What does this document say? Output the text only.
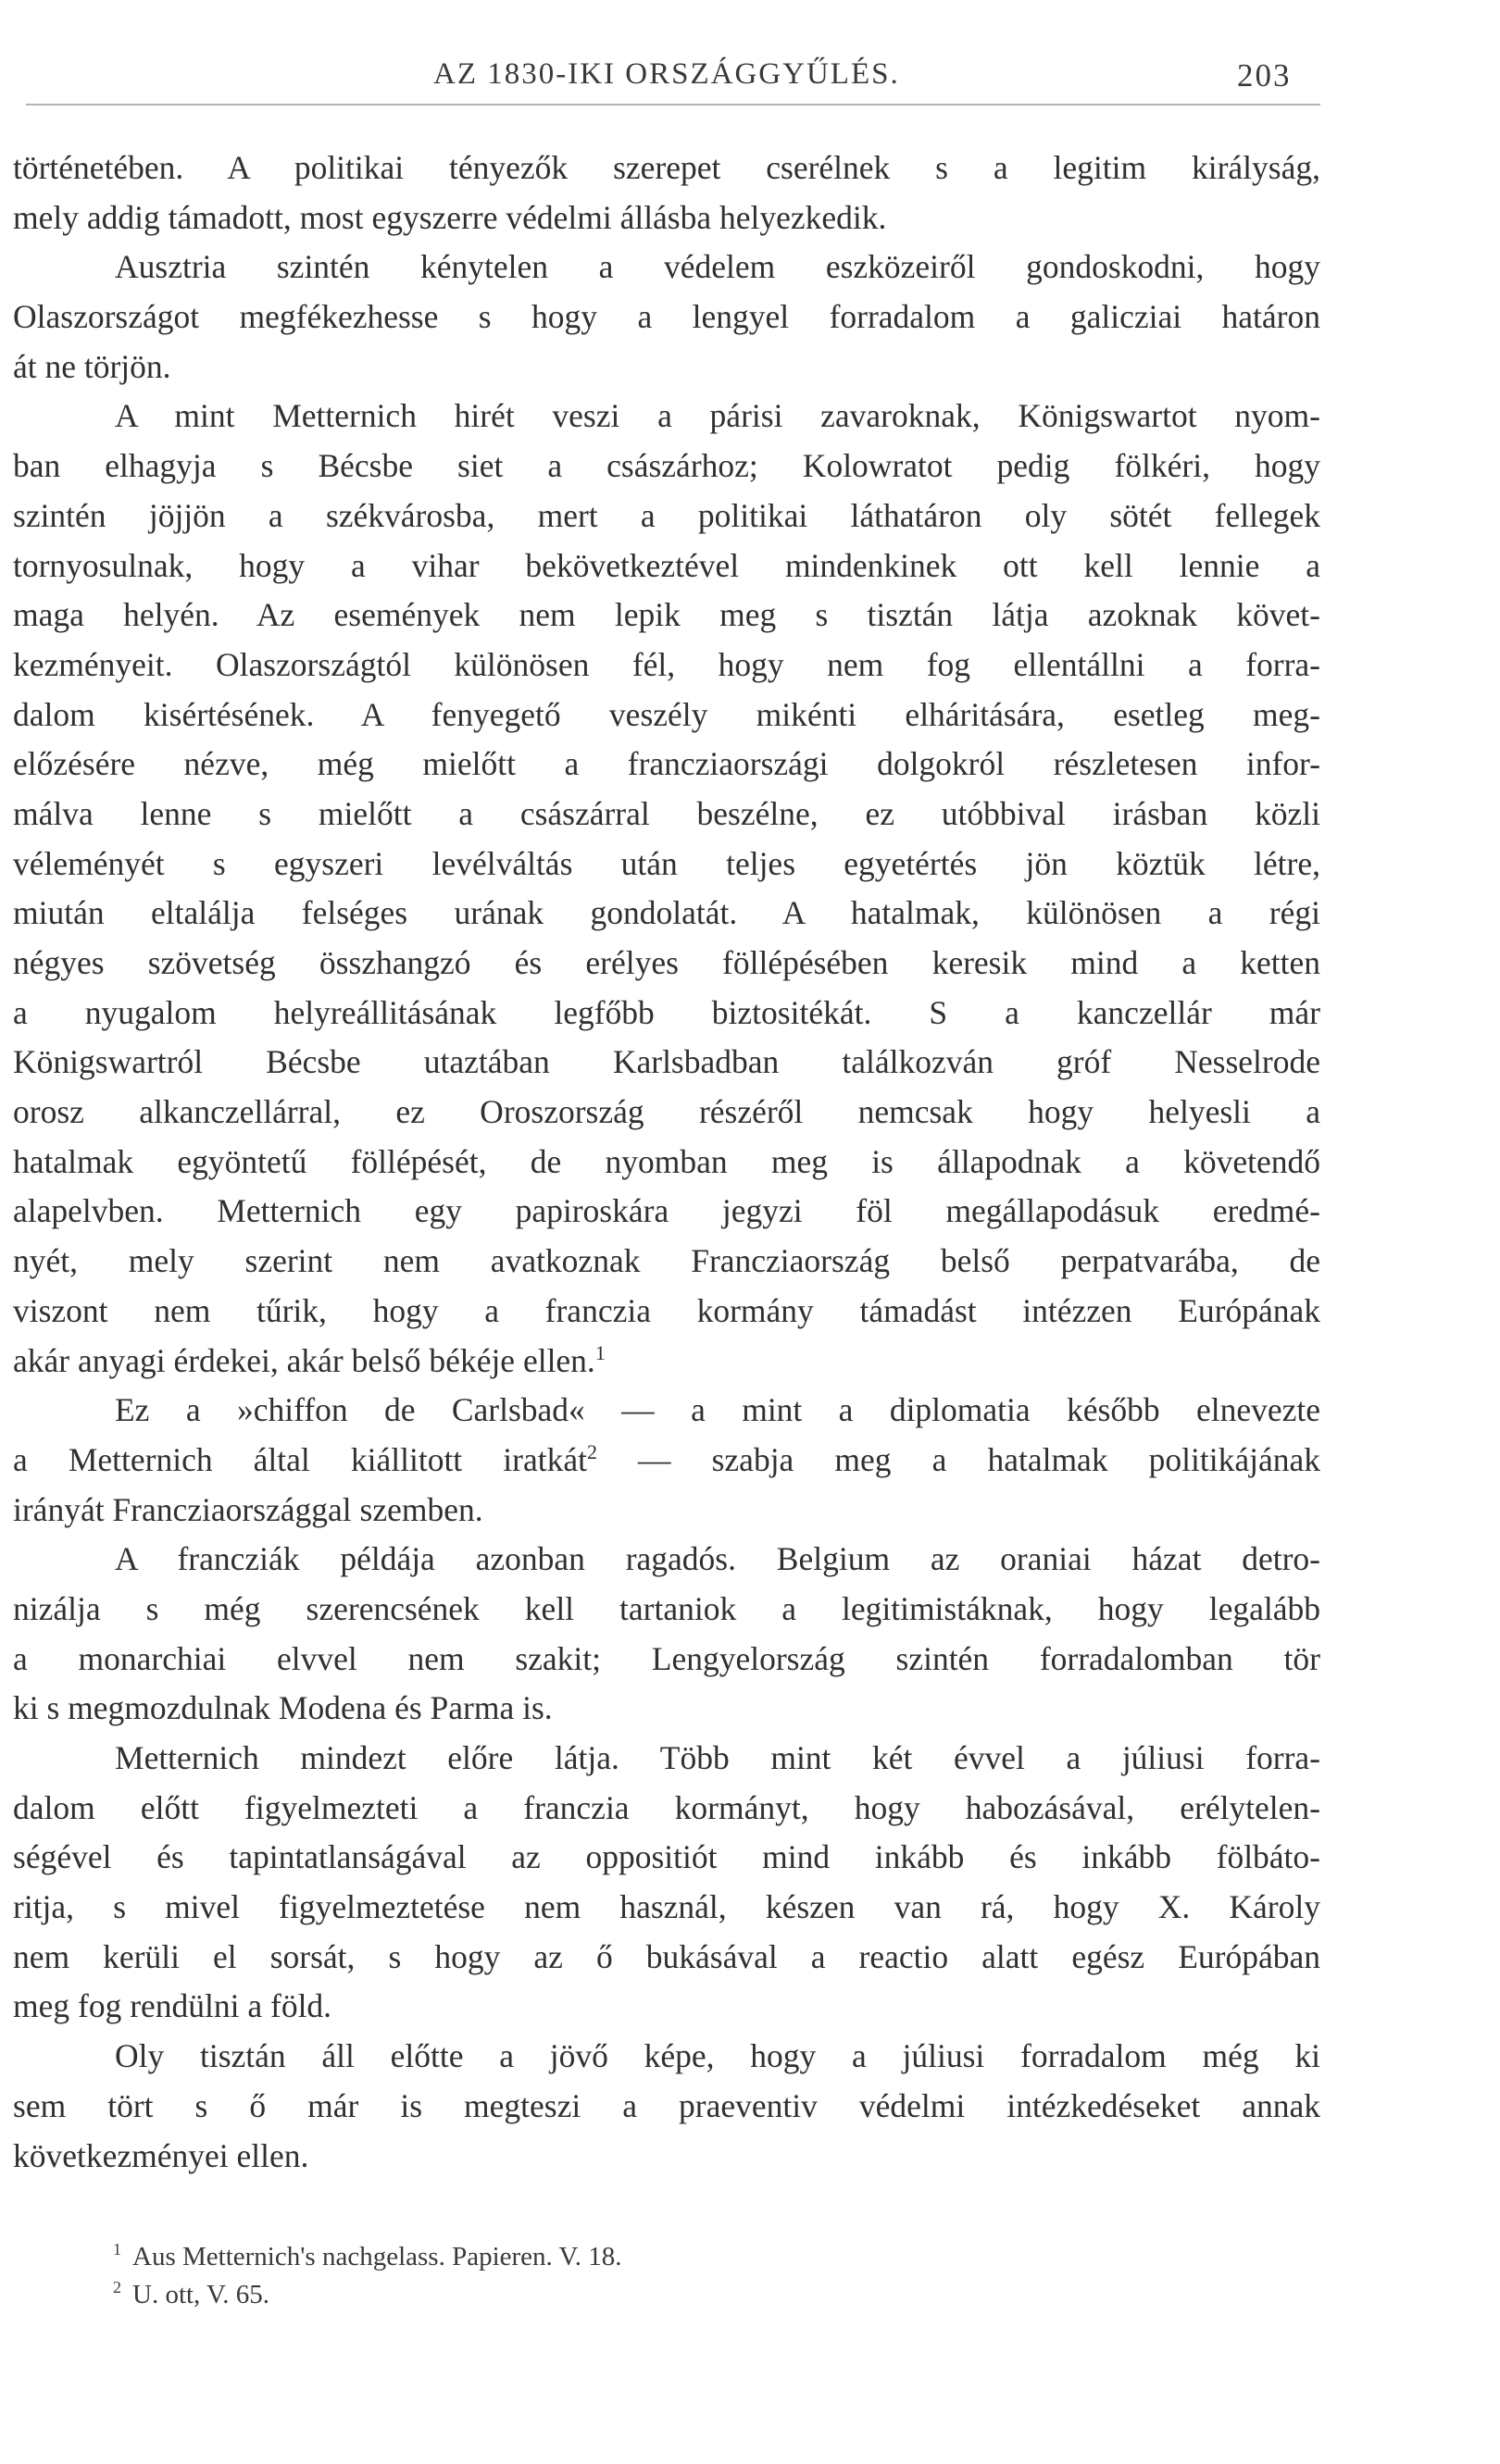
AZ 1830-IKI ORSZÁGGYŰLÉS.	203
történetében. A politikai tényezők szerepet cserélnek s a legitim királyság,
mely addig támadott, most egyszerre védelmi állásba helyezkedik.
Ausztria szintén kénytelen a védelem eszközeiről gondoskodni, hogy
Olaszországot megfékezhesse s hogy a lengyel forradalom a galicziai határon
át ne törjön.
A mint Metternich hirét veszi a párisi zavaroknak, Königswartot nyom-
ban elhagyja s Bécsbe siet a császárhoz; Kolowratot pedig fölkéri, hogy
szintén jöjjön a székvárosba, mert a politikai láthatáron oly sötét fellegek
tornyosulnak, hogy a vihar bekövetkeztével mindenkinek ott kell lennie a
maga helyén. Az események nem lepik meg s tisztán látja azoknak követ-
kezményeit. Olaszországtól különösen fél, hogy nem fog ellentállni a forra-
dalom kisértésének. A fenyegető veszély mikénti elháritására, esetleg meg-
előzésére nézve, még mielőtt a francziaországi dolgokról részletesen infor-
málva lenne s mielőtt a császárral beszélne, ez utóbbival irásban közli
véleményét s egyszeri levélváltás után teljes egyetértés jön köztük létre,
miután eltalálja felséges urának gondolatát. A hatalmak, különösen a régi
négyes szövetség összhangzó és erélyes föllépésében keresik mind a ketten
a nyugalom helyreállitásának legfőbb biztositékát. S a kanczellár már
Königswartról Bécsbe utaztában Karlsbadban találkozván gróf Nesselrode
orosz alkanczellárral, ez Oroszország részéről nemcsak hogy helyesli a
hatalmak egyöntetű föllépését, de nyomban meg is állapodnak a követendő
alapelvben. Metternich egy papiroskára jegyzi föl megállapodásuk eredmé-
nyét, mely szerint nem avatkoznak Francziaország belső perpatvarába, de
viszont nem tűrik, hogy a franczia kormány támadást intézzen Európának
akár anyagi érdekei, akár belső békéje ellen.$^1$
Ez a »chiffon de Carlsbad« — a mint a diplomatia később elnevezte
a Metternich által kiállitott iratkát$^2$ — szabja meg a hatalmak politikájának
irányát Francziaországgal szemben.
A francziák példája azonban ragadós. Belgium az oraniai házat detro-
nizálja s még szerencsének kell tartaniok a legitimistáknak, hogy legalább
a monarchiai elvvel nem szakit; Lengyelország szintén forradalomban tör
ki s megmozdulnak Modena és Parma is.
Metternich mindezt előre látja. Több mint két évvel a júliusi forra-
dalom előtt figyelmezteti a franczia kormányt, hogy habozásával, erélytelen-
ségével és tapintatlanságával az oppositiót mind inkább és inkább fölbáto-
ritja, s mivel figyelmeztetése nem használ, készen van rá, hogy X. Károly
nem kerüli el sorsát, s hogy az ő bukásával a reactio alatt egész Európában
meg fog rendülni a föld.
Oly tisztán áll előtte a jövő képe, hogy a júliusi forradalom még ki
sem tört s ő már is megteszi a praeventiv védelmi intézkedéseket annak
következményei ellen.
$^1$ Aus Metternich's nachgelass. Papieren. V. 18.
$^2$ U. ott, V. 65.
